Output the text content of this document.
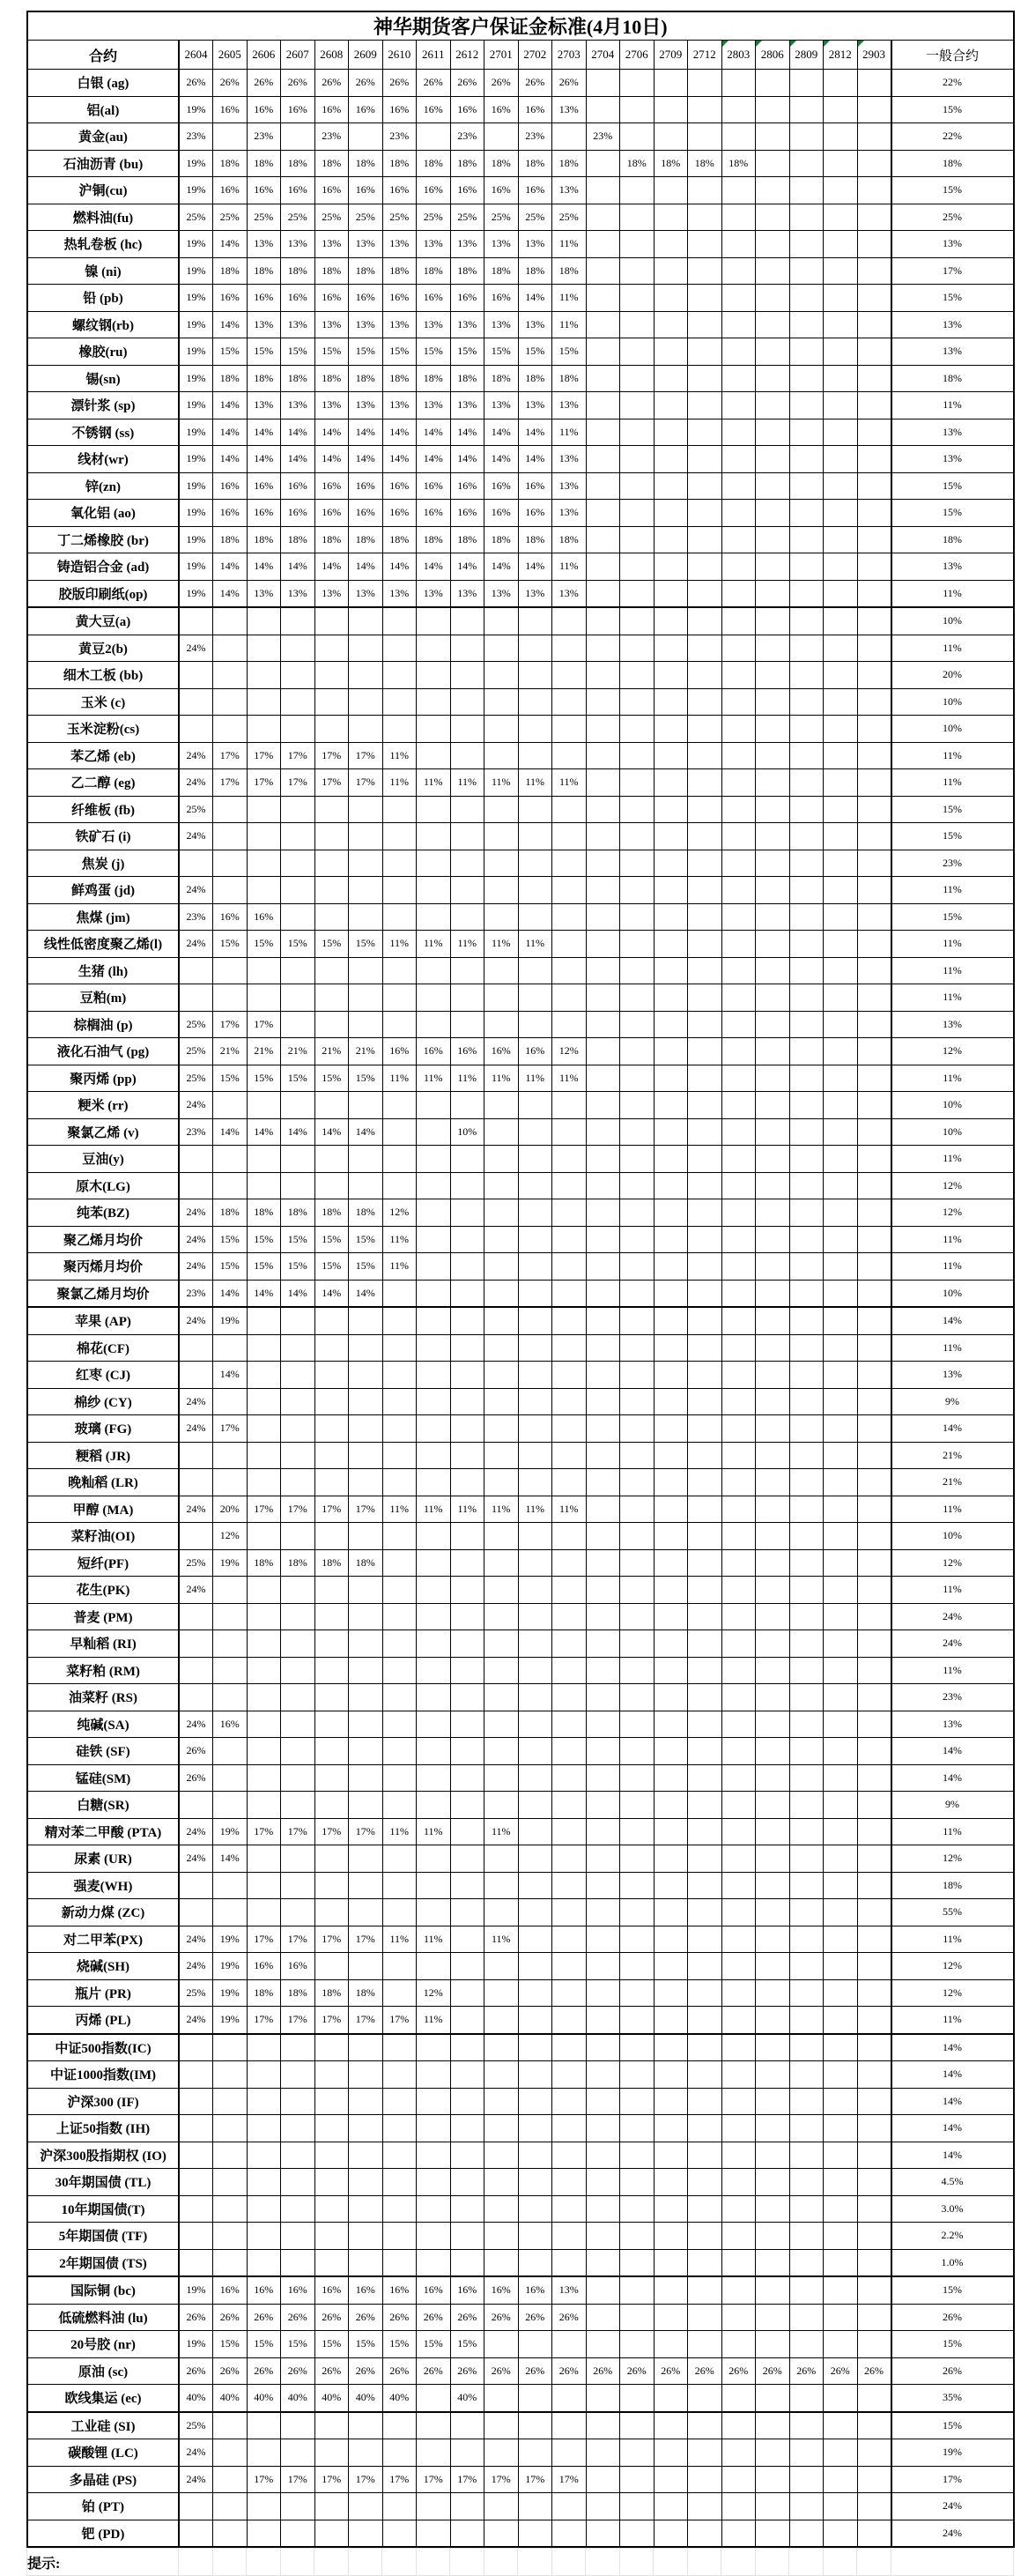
神华期货客户保证金标准(4月10日)																						
合约	2604	2605	2606	2607	2608	2609	2610	2611	2612	2701	2702	2703	2704	2706	2709	2712	2803	2806	2809	2812	2903	一般合约
白银 (ag)	26%	26%	26%	26%	26%	26%	26%	26%	26%	26%	26%	26%										22%
铝(al)	19%	16%	16%	16%	16%	16%	16%	16%	16%	16%	16%	13%										15%
黄金(au)	23%		23%		23%		23%		23%		23%		23%									22%
石油沥青 (bu)	19%	18%	18%	18%	18%	18%	18%	18%	18%	18%	18%	18%		18%	18%	18%	18%					18%
沪铜(cu)	19%	16%	16%	16%	16%	16%	16%	16%	16%	16%	16%	13%										15%
燃料油(fu)	25%	25%	25%	25%	25%	25%	25%	25%	25%	25%	25%	25%										25%
热轧卷板 (hc)	19%	14%	13%	13%	13%	13%	13%	13%	13%	13%	13%	11%										13%
镍 (ni)	19%	18%	18%	18%	18%	18%	18%	18%	18%	18%	18%	18%										17%
铅 (pb)	19%	16%	16%	16%	16%	16%	16%	16%	16%	16%	14%	11%										15%
螺纹钢(rb)	19%	14%	13%	13%	13%	13%	13%	13%	13%	13%	13%	11%										13%
橡胶(ru)	19%	15%	15%	15%	15%	15%	15%	15%	15%	15%	15%	15%										13%
锡(sn)	19%	18%	18%	18%	18%	18%	18%	18%	18%	18%	18%	18%										18%
漂针浆 (sp)	19%	14%	13%	13%	13%	13%	13%	13%	13%	13%	13%	13%										11%
不锈钢 (ss)	19%	14%	14%	14%	14%	14%	14%	14%	14%	14%	14%	11%										13%
线材(wr)	19%	14%	14%	14%	14%	14%	14%	14%	14%	14%	14%	13%										13%
锌(zn)	19%	16%	16%	16%	16%	16%	16%	16%	16%	16%	16%	13%										15%
氧化铝 (ao)	19%	16%	16%	16%	16%	16%	16%	16%	16%	16%	16%	13%										15%
丁二烯橡胶 (br)	19%	18%	18%	18%	18%	18%	18%	18%	18%	18%	18%	18%										18%
铸造铝合金 (ad)	19%	14%	14%	14%	14%	14%	14%	14%	14%	14%	14%	11%										13%
胶版印刷纸(op)	19%	14%	13%	13%	13%	13%	13%	13%	13%	13%	13%	13%										11%
黄大豆(a)																						10%
黄豆2(b)	24%																					11%
细木工板 (bb)																						20%
玉米 (c)																						10%
玉米淀粉(cs)																						10%
苯乙烯 (eb)	24%	17%	17%	17%	17%	17%	11%															11%
乙二醇 (eg)	24%	17%	17%	17%	17%	17%	11%	11%	11%	11%	11%	11%										11%
纤维板 (fb)	25%																					15%
铁矿石 (i)	24%																					15%
焦炭 (j)																						23%
鲜鸡蛋 (jd)	24%																					11%
焦煤 (jm)	23%	16%	16%																			15%
线性低密度聚乙烯(l)	24%	15%	15%	15%	15%	15%	11%	11%	11%	11%	11%											11%
生猪 (lh)																						11%
豆粕(m)																						11%
棕榈油 (p)	25%	17%	17%																			13%
液化石油气 (pg)	25%	21%	21%	21%	21%	21%	16%	16%	16%	16%	16%	12%										12%
聚丙烯 (pp)	25%	15%	15%	15%	15%	15%	11%	11%	11%	11%	11%	11%										11%
粳米 (rr)	24%																					10%
聚氯乙烯 (v)	23%	14%	14%	14%	14%	14%			10%													10%
豆油(y)																						11%
原木(LG)																						12%
纯苯(BZ)	24%	18%	18%	18%	18%	18%	12%															12%
聚乙烯月均价	24%	15%	15%	15%	15%	15%	11%															11%
聚丙烯月均价	24%	15%	15%	15%	15%	15%	11%															11%
聚氯乙烯月均价	23%	14%	14%	14%	14%	14%																10%
苹果 (AP)	24%	19%																				14%
棉花(CF)																						11%
红枣 (CJ)		14%																				13%
棉纱 (CY)	24%																					9%
玻璃 (FG)	24%	17%																				14%
粳稻 (JR)																						21%
晚籼稻 (LR)																						21%
甲醇 (MA)	24%	20%	17%	17%	17%	17%	11%	11%	11%	11%	11%	11%										11%
菜籽油(OI)		12%																				10%
短纤(PF)	25%	19%	18%	18%	18%	18%																12%
花生(PK)	24%																					11%
普麦 (PM)																						24%
早籼稻 (RI)																						24%
菜籽粕 (RM)																						11%
油菜籽 (RS)																						23%
纯碱(SA)	24%	16%																				13%
硅铁 (SF)	26%																					14%
锰硅(SM)	26%																					14%
白糖(SR)																						9%
精对苯二甲酸 (PTA)	24%	19%	17%	17%	17%	17%	11%	11%		11%												11%
尿素 (UR)	24%	14%																				12%
强麦(WH)																						18%
新动力煤 (ZC)																						55%
对二甲苯(PX)	24%	19%	17%	17%	17%	17%	11%	11%		11%												11%
烧碱(SH)	24%	19%	16%	16%																		12%
瓶片 (PR)	25%	19%	18%	18%	18%	18%		12%														12%
丙烯 (PL)	24%	19%	17%	17%	17%	17%	17%	11%														11%
中证500指数(IC)																						14%
中证1000指数(IM)																						14%
沪深300 (IF)																						14%
上证50指数 (IH)																						14%
沪深300股指期权 (IO)																						14%
30年期国债 (TL)																						4.5%
10年期国债(T)																						3.0%
5年期国债 (TF)																						2.2%
2年期国债 (TS)																						1.0%
国际铜 (bc)	19%	16%	16%	16%	16%	16%	16%	16%	16%	16%	16%	13%										15%
低硫燃料油 (lu)	26%	26%	26%	26%	26%	26%	26%	26%	26%	26%	26%	26%										26%
20号胶 (nr)	19%	15%	15%	15%	15%	15%	15%	15%	15%													15%
原油 (sc)	26%	26%	26%	26%	26%	26%	26%	26%	26%	26%	26%	26%	26%	26%	26%	26%	26%	26%	26%	26%	26%	26%
欧线集运 (ec)	40%	40%	40%	40%	40%	40%	40%		40%													35%
工业硅 (SI)	25%																					15%
碳酸锂 (LC)	24%																					19%
多晶硅 (PS)	24%		17%	17%	17%	17%	17%	17%	17%	17%	17%	17%										17%
铂 (PT)																						24%
钯 (PD)																						24%
提示:																						
